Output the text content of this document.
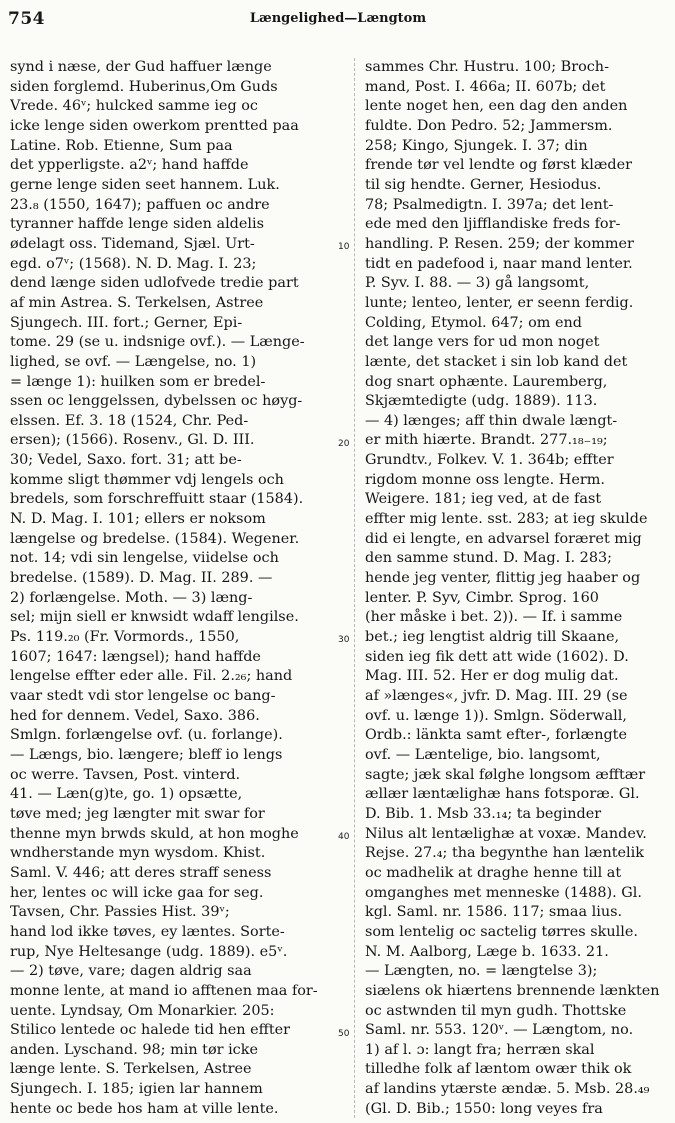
754	Længelighed—Længtom
synd i næse, der Gud haffuer længe
siden forglemd. Huberinus,Om Guds
Vrede. 46ᵛ; hulcked samme ieg oc
icke lenge siden owerkom prentted paa
Latine. Rob. Etienne, Sum paa
det ypperligste. a2ᵛ; hand haffde
gerne lenge siden seet hannem. Luk.
23.₈ (1550, 1647); paffuen oc andre
tyranner haffde lenge siden aldelis
ødelagt oss. Tidemand, Sjæl. Urt-
egd. o7ᵛ; (1568). N. D. Mag. I. 23;
dend længe siden udlofvede tredie part
af min Astrea. S. Terkelsen, Astree
Sjungech. III. fort.; Gerner, Epi-
tome. 29 (se u. indsnige ovf.). — Længe-
lighed, se ovf. — Længelse, no. 1)
= længe 1): huilken som er bredel-
ssen oc lenggelssen, dybelssen oc høyg-
elssen. Ef. 3. 18 (1524, Chr. Ped-
ersen); (1566). Rosenv., Gl. D. III.
30; Vedel, Saxo. fort. 31; att be-
komme sligt thømmer vdj lengels och
bredels, som forschreffuitt staar (1584).
N. D. Mag. I. 101; ellers er noksom
længelse og bredelse. (1584). Wegener.
not. 14; vdi sin lengelse, viidelse och
bredelse. (1589). D. Mag. II. 289. —
2) forlængelse. Moth. — 3) læng-
sel; mijn siell er knwsidt wdaff lengilse.
Ps. 119.₂₀ (Fr. Vormords., 1550,
1607; 1647: længsel); hand haffde
lengelse effter eder alle. Fil. 2.₂₆; hand
vaar stedt vdi stor lengelse oc bang-
hed for dennem. Vedel, Saxo. 386.
Smlgn. forlængelse ovf. (u. forlange).
— Længs, bio. længere; bleff io lengs
oc werre. Tavsen, Post. vinterd.
41. — Læn(g)te, go. 1) opsætte,
tøve med; jeg længter mit swar for
thenne myn brwds skuld, at hon moghe
wndherstande myn wysdom. Khist.
Saml. V. 446; att deres straff seness
her, lentes oc will icke gaa for seg.
Tavsen, Chr. Passies Hist. 39ᵛ;
hand lod ikke tøves, ey læntes. Sorte-
rup, Nye Heltesange (udg. 1889). e5ᵛ.
— 2) tøve, vare; dagen aldrig saa
monne lente, at mand io afftenen maa for-
uente. Lyndsay, Om Monarkier. 205:
Stilico lentede oc halede tid hen effter
anden. Lyschand. 98; min tør icke
længe lente. S. Terkelsen, Astree
Sjungech. I. 185; igien lar hannem
hente oc bede hos ham at ville lente.
sammes Chr. Hustru. 100; Broch-
mand, Post. I. 466a; II. 607b; det
lente noget hen, een dag den anden
fuldte. Don Pedro. 52; Jammersm.
258; Kingo, Sjungek. I. 37; din
frende tør vel lendte og først klæder
til sig hendte. Gerner, Hesiodus.
78; Psalmedigtn. I. 397a; det lent-
ede med den ljifflandiske freds for-
handling. P. Resen. 259; der kommer
tidt en padefood i, naar mand lenter.
P. Syv. I. 88. — 3) gå langsomt,
lunte; lenteo, lenter, er seenn ferdig.
Colding, Etymol. 647; om end
det lange vers for ud mon noget
lænte, det stacket i sin lob kand det
dog snart ophænte. Lauremberg,
Skjæmtedigte (udg. 1889). 113.
— 4) længes; aff thin dwale længt-
er mith hiærte. Brandt. 277.₁₈₋₁₉;
Grundtv., Folkev. V. 1. 364b; effter
rigdom monne oss lengte. Herm.
Weigere. 181; ieg ved, at de fast
effter mig lente. sst. 283; at ieg skulde
did ei lengte, en advarsel foræret mig
den samme stund. D. Mag. I. 283;
hende jeg venter, flittig jeg haaber og
lenter. P. Syv, Cimbr. Sprog. 160
(her måske i bet. 2)). — If. i samme
bet.; ieg lengtist aldrig till Skaane,
siden ieg fik dett att wide (1602). D.
Mag. III. 52. Her er dog mulig dat.
af »længes«, jvfr. D. Mag. III. 29 (se
ovf. u. længe 1)). Smlgn. Söderwall,
Ordb.: länkta samt efter-, forlængte
ovf. — Læntelige, bio. langsomt,
sagte; jæk skal følghe longsom æfftær
ællær læntælighæ hans fotsporæ. Gl.
D. Bib. 1. Msb 33.₁₄; ta beginder
Nilus alt lentælighæ at voxæ. Mandev.
Rejse. 27.₄; tha begynthe han læntelik
oc madhelik at draghe henne till at
omganghes met menneske (1488). Gl.
kgl. Saml. nr. 1586. 117; smaa lius.
som lentelig oc sactelig tørres skulle.
N. M. Aalborg, Læge b. 1633. 21.
— Længten, no. = længtelse 3);
siælens ok hiærtens brennende lænkten
oc astwnden til myn gudh. Thottske
Saml. nr. 553. 120ᵛ. — Længtom, no.
1) af l. ɔ: langt fra; herræn skal
tilledhe folk af læntom owær thik ok
af landins ytærste ændæ. 5. Msb. 28.₄₉
(Gl. D. Bib.; 1550: long veyes fra
10
20
30
40
50
